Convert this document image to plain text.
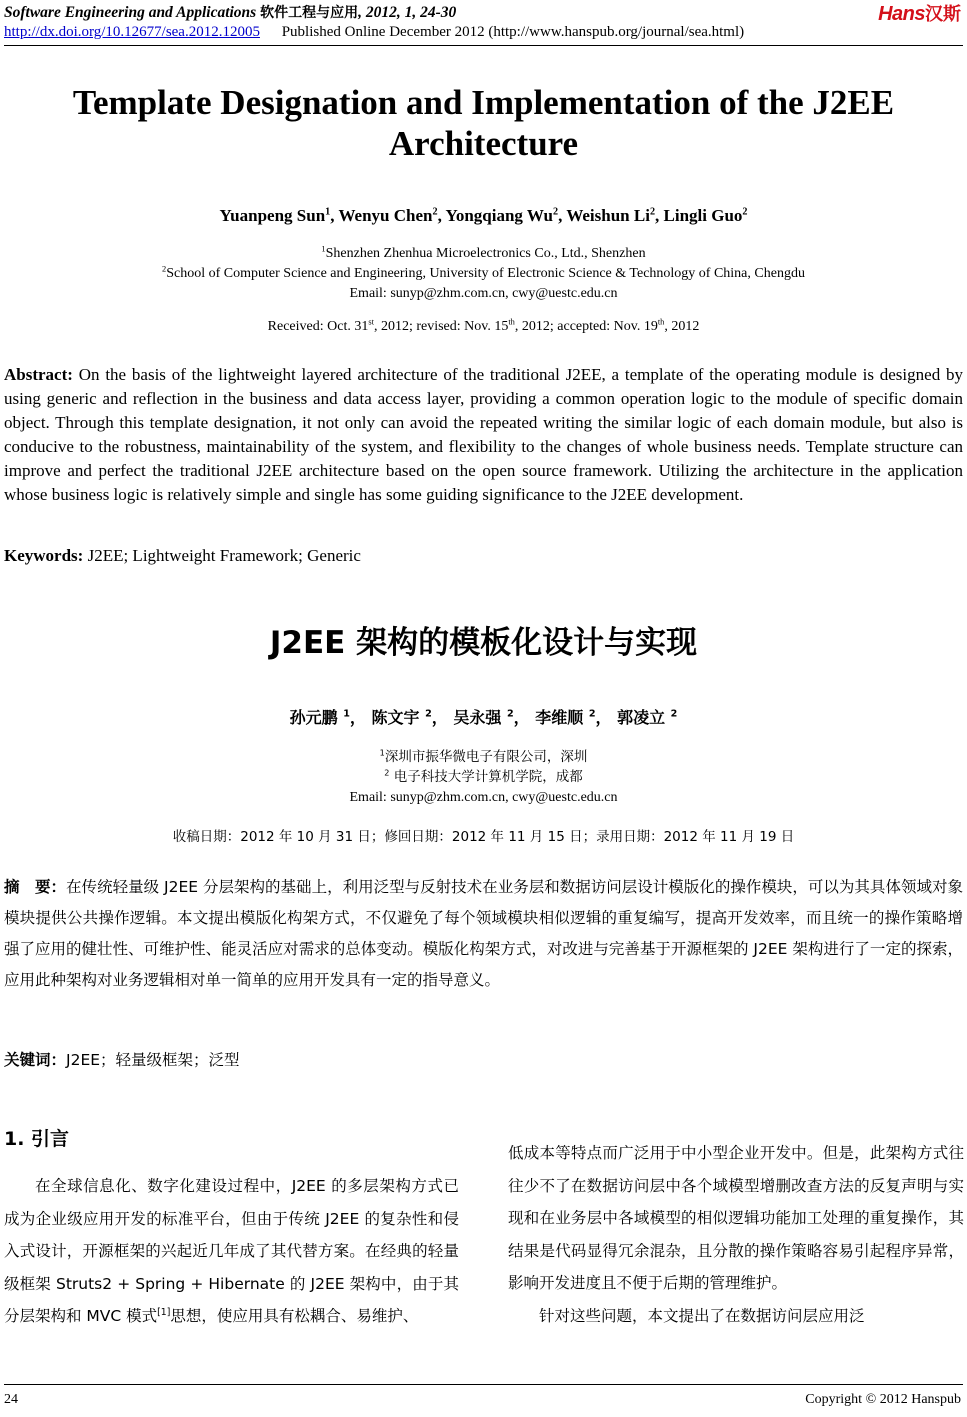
Software Engineering and Applications 软件工程与应用, 2012, 1, 24-30
http://dx.doi.org/10.12677/sea.2012.12005 Published Online December 2012 (http://www.hanspub.org/journal/sea.html)
Hans汉斯
Template Designation and Implementation of the J2EE Architecture
Yuanpeng Sun$^1$, Wenyu Chen$^2$, Yongqiang Wu$^2$, Weishun Li$^2$, Lingli Guo$^2$
$^1$Shenzhen Zhenhua Microelectronics Co., Ltd., Shenzhen
$^2$School of Computer Science and Engineering, University of Electronic Science & Technology of China, Chengdu
Email: sunyp@zhm.com.cn, cwy@uestc.edu.cn
Received: Oct. 31st, 2012; revised: Nov. 15th, 2012; accepted: Nov. 19th, 2012

Abstract: On the basis of the lightweight layered architecture of the traditional J2EE, a template of the operating module is designed by using generic and reflection in the business and data access layer, providing a common operation logic to the module of specific domain object. Through this template designation, it not only can avoid the repeated writing the similar logic of each domain module, but also is conducive to the robustness, maintainability of the system, and flexibility to the changes of whole business needs. Template structure can improve and perfect the traditional J2EE architecture based on the open source framework. Utilizing the architecture in the application whose business logic is relatively simple and single has some guiding significance to the J2EE development.

Keywords: J2EE; Lightweight Framework; Generic

J2EE 架构的模板化设计与实现
孙元鹏 $^1$， 陈文宇 $^2$， 吴永强 $^2$， 李维顺 $^2$， 郭凌立 $^2$
$^1$深圳市振华微电子有限公司，深圳
$^2$ 电子科技大学计算机学院，成都
Email: sunyp@zhm.com.cn, cwy@uestc.edu.cn
收稿日期：2012 年 10 月 31 日；修回日期：2012 年 11 月 15 日；录用日期：2012 年 11 月 19 日

摘　要：在传统轻量级 J2EE 分层架构的基础上，利用泛型与反射技术在业务层和数据访问层设计模版化的操作模块，可以为其具体领域对象模块提供公共操作逻辑。本文提出模版化构架方式，不仅避免了每个领域模块相似逻辑的重复编写，提高开发效率，而且统一的操作策略增强了应用的健壮性、可维护性、能灵活应对需求的总体变动。模版化构架方式，对改进与完善基于开源框架的 J2EE 架构进行了一定的探索，应用此种架构对业务逻辑相对单一简单的应用开发具有一定的指导意义。

关键词：J2EE；轻量级框架；泛型

1. 引言

在全球信息化、数字化建设过程中，J2EE 的多层架构方式已成为企业级应用开发的标准平台，但由于传统 J2EE 的复杂性和侵入式设计，开源框架的兴起近几年成了其代替方案。在经典的轻量级框架 Struts2 + Spring + Hibernate 的 J2EE 架构中，由于其分层架构和 MVC 模式[1]思想，使应用具有松耦合、易维护、

低成本等特点而广泛用于中小型企业开发中。但是，此架构方式往往少不了在数据访问层中各个域模型增删改查方法的反复声明与实现和在业务层中各域模型的相似逻辑功能加工处理的重复操作，其结果是代码显得冗余混杂，且分散的操作策略容易引起程序异常，影响开发进度且不便于后期的管理维护。

针对这些问题，本文提出了在数据访问层应用泛

24	Copyright © 2012 Hanspub
